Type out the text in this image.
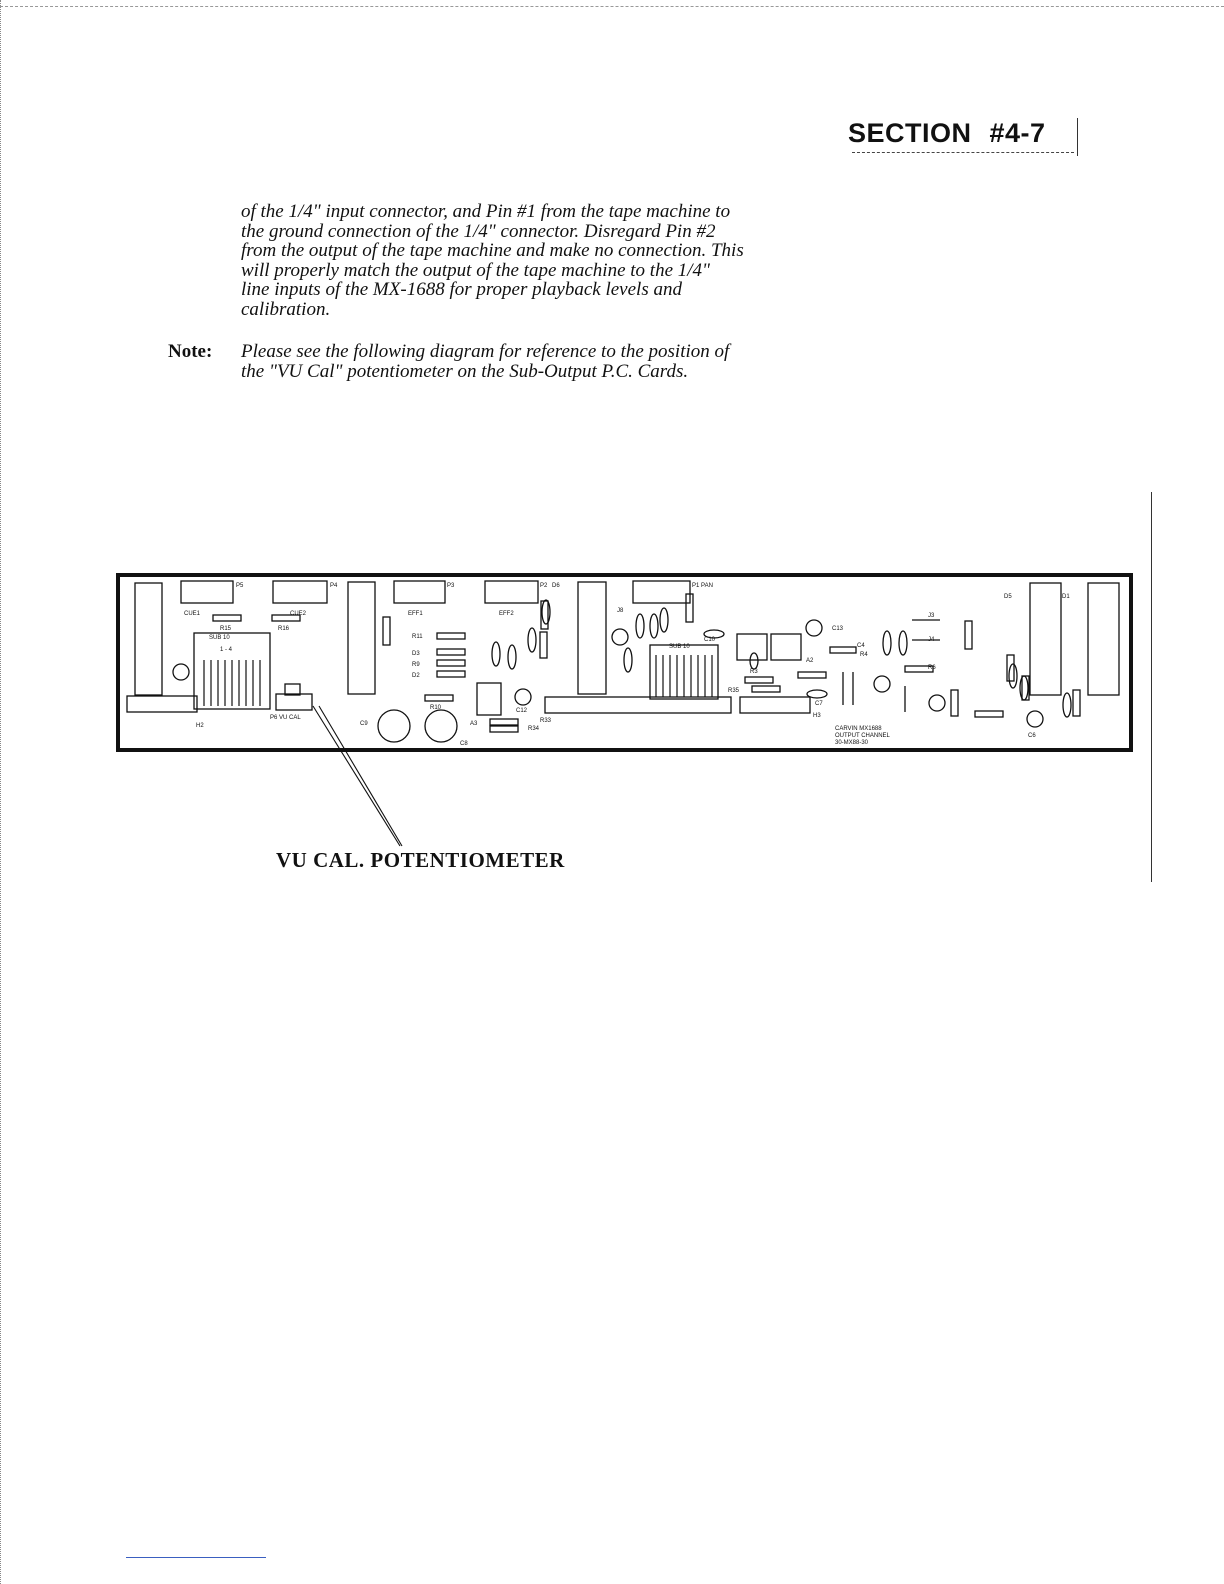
SECTION #4-7
of the 1/4" input connector, and Pin #1 from the tape machine to
the ground connection of the 1/4" connector. Disregard Pin #2
from the output of the tape machine and make no connection. This
will properly match the output of the tape machine to the 1/4"
line inputs of the MX-1688 for proper playback levels and
calibration.
Note: Please see the following diagram for reference to the position of
the "VU Cal" potentiometer on the Sub-Output P.C. Cards.
P5	P4	P3	P2 D6	P1 PAN
CUE1	CUE2
R15	R16
SUB 10
1 - 4	SUB 10
P6 VU CAL
EFF1	EFF2
R11
D3
R9
D2
R10
A3
C12
R33
R34
C8
C9
C13
J3
J4
R6
C4
R4
A2
R35
R3
C7
H2
H3
D5	D1
C6
C10
J8
CARVIN MX1688
OUTPUT CHANNEL
30-MX88-30
VU CAL. POTENTIOMETER
